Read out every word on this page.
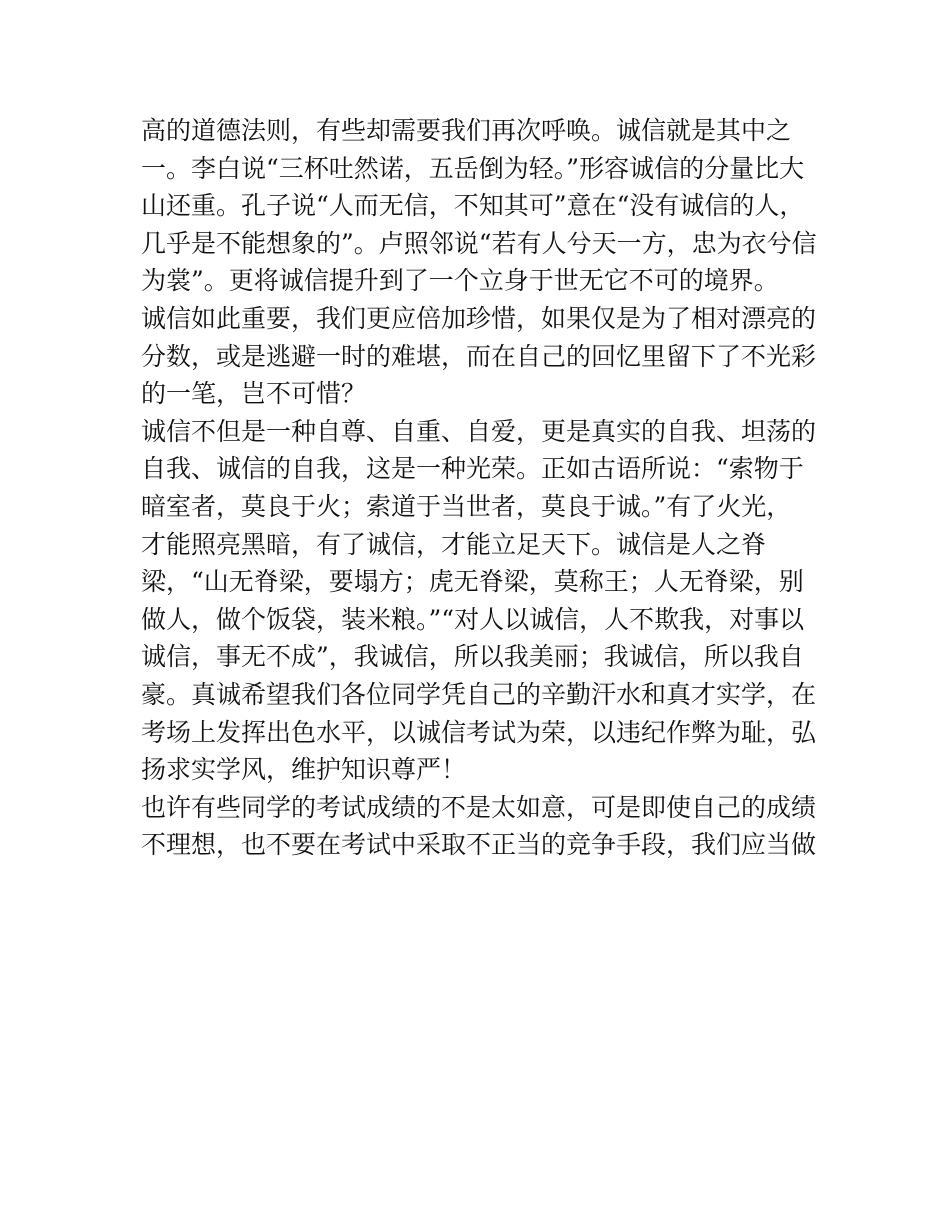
高的道德法则，有些却需要我们再次呼唤。诚信就是其中之
一。李白说“三杯吐然诺，五岳倒为轻。”形容诚信的分量比大
山还重。孔子说“人而无信，不知其可”意在“没有诚信的人，
几乎是不能想象的”。卢照邻说“若有人兮天一方，忠为衣兮信
为裳”。更将诚信提升到了一个立身于世无它不可的境界。
诚信如此重要，我们更应倍加珍惜，如果仅是为了相对漂亮的
分数，或是逃避一时的难堪，而在自己的回忆里留下了不光彩
的一笔，岂不可惜？
诚信不但是一种自尊、自重、自爱，更是真实的自我、坦荡的
自我、诚信的自我，这是一种光荣。正如古语所说：“索物于
暗室者，莫良于火；索道于当世者，莫良于诚。”有了火光，
才能照亮黑暗，有了诚信，才能立足天下。诚信是人之脊
梁，“山无脊梁，要塌方；虎无脊梁，莫称王；人无脊梁，别
做人，做个饭袋，装米粮。”“对人以诚信，人不欺我，对事以
诚信，事无不成”，我诚信，所以我美丽；我诚信，所以我自
豪。真诚希望我们各位同学凭自己的辛勤汗水和真才实学，在
考场上发挥出色水平，以诚信考试为荣，以违纪作弊为耻，弘
扬求实学风，维护知识尊严！
也许有些同学的考试成绩的不是太如意，可是即使自己的成绩
不理想，也不要在考试中采取不正当的竞争手段，我们应当做
